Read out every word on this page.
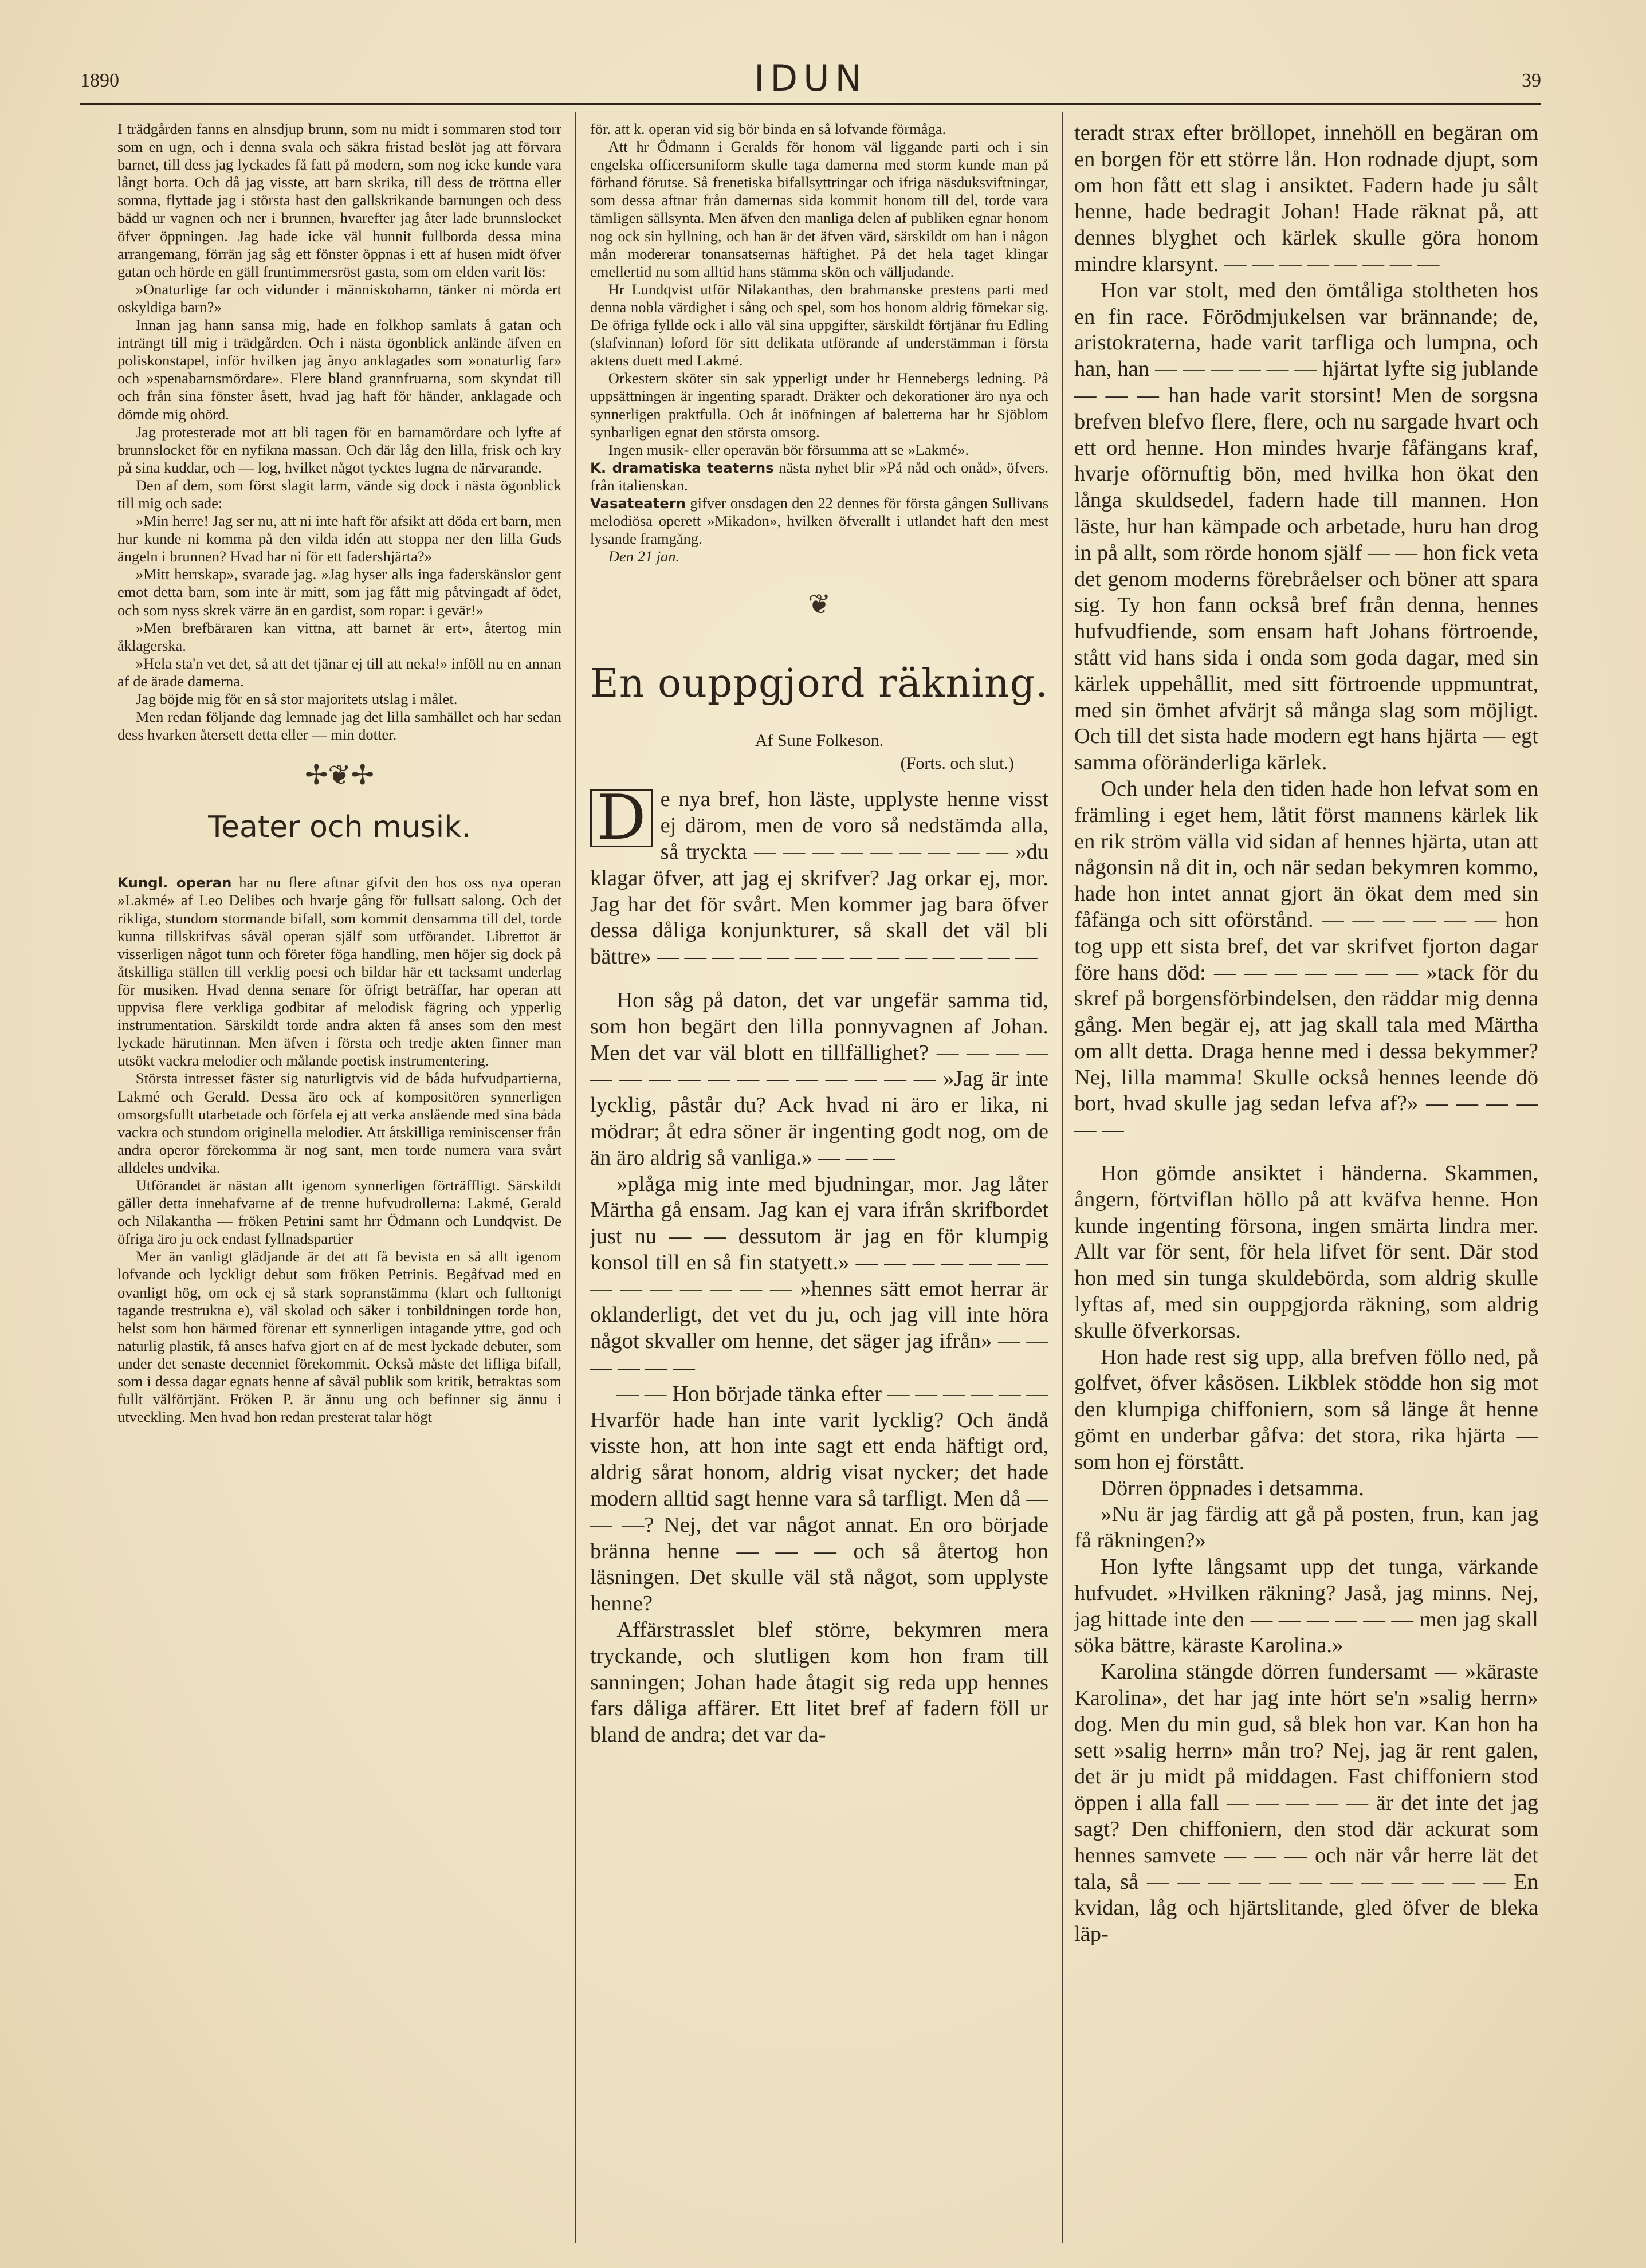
1890	IDUN	39

I trädgården fanns en alnsdjup brunn, som nu midt i sommaren stod torr som en ugn, och i denna svala och säkra fristad beslöt jag att förvara barnet, till dess jag lyckades få fatt på modern, som nog icke kunde vara långt borta. Och då jag visste, att barn skrika, till dess de tröttna eller somna, flyttade jag i största hast den gallskrikande barnungen och dess bädd ur vagnen och ner i brunnen, hvarefter jag åter lade brunnslocket öfver öppningen. Jag hade icke väl hunnit fullborda dessa mina arrangemang, förrän jag såg ett fönster öppnas i ett af husen midt öfver gatan och hörde en gäll fruntimmersröst gasta, som om elden varit lös:

»Onaturlige far och vidunder i människohamn, tänker ni mörda ert oskyldiga barn?»

Innan jag hann sansa mig, hade en folkhop samlats å gatan och inträngt till mig i trädgården. Och i nästa ögonblick anlände äfven en poliskonstapel, inför hvilken jag ånyo anklagades som »onaturlig far» och »spenabarnsmördare». Flere bland grannfruarna, som skyndat till och från sina fönster åsett, hvad jag haft för händer, anklagade och dömde mig ohörd.

Jag protesterade mot att bli tagen för en barnamördare och lyfte af brunnslocket för en nyfikna massan. Och där låg den lilla, frisk och kry på sina kuddar, och — log, hvilket något tycktes lugna de närvarande.

Den af dem, som först slagit larm, vände sig dock i nästa ögonblick till mig och sade:

»Min herre! Jag ser nu, att ni inte haft för afsikt att döda ert barn, men hur kunde ni komma på den vilda idén att stoppa ner den lilla Guds ängeln i brunnen? Hvad har ni för ett fadershjärta?»

»Mitt herrskap», svarade jag. »Jag hyser alls inga faderskänslor gent emot detta barn, som inte är mitt, som jag fått mig påtvingadt af ödet, och som nyss skrek värre än en gardist, som ropar: i gevär!»

»Men brefbäraren kan vittna, att barnet är ert», återtog min åklagerska.

»Hela sta'n vet det, så att det tjänar ej till att neka!» inföll nu en annan af de ärade damerna.

Jag böjde mig för en så stor majoritets utslag i målet.

Men redan följande dag lemnade jag det lilla samhället och har sedan dess hvarken återsett detta eller — min dotter.

✢❦✢
Teater och musik.

Kungl. operan har nu flere aftnar gifvit den hos oss nya operan »Lakmé» af Leo Delibes och hvarje gång för fullsatt salong. Och det rikliga, stundom stormande bifall, som kommit densamma till del, torde kunna tillskrifvas såväl operan själf som utförandet. Librettot är visserligen något tunn och företer föga handling, men höjer sig dock på åtskilliga ställen till verklig poesi och bildar här ett tacksamt underlag för musiken. Hvad denna senare för öfrigt beträffar, har operan att uppvisa flere verkliga godbitar af melodisk fägring och ypperlig instrumentation. Särskildt torde andra akten få anses som den mest lyckade härutinnan. Men äfven i första och tredje akten finner man utsökt vackra melodier och målande poetisk instrumentering.

Största intresset fäster sig naturligtvis vid de båda hufvudpartierna, Lakmé och Gerald. Dessa äro ock af kompositören synnerligen omsorgsfullt utarbetade och förfela ej att verka anslående med sina båda vackra och stundom originella melodier. Att åtskilliga reminiscenser från andra operor förekomma är nog sant, men torde numera vara svårt alldeles undvika.

Utförandet är nästan allt igenom synnerligen förträffligt. Särskildt gäller detta innehafvarne af de trenne hufvudrollerna: Lakmé, Gerald och Nilakantha — fröken Petrini samt hrr Ödmann och Lundqvist. De öfriga äro ju ock endast fyllnadspartier

Mer än vanligt glädjande är det att få bevista en så allt igenom lofvande och lyckligt debut som fröken Petrinis. Begåfvad med en ovanligt hög, om ock ej så stark sopranstämma (klart och fulltonigt tagande trestrukna e), väl skolad och säker i tonbildningen torde hon, helst som hon härmed förenar ett synnerligen intagande yttre, god och naturlig plastik, få anses hafva gjort en af de mest lyckade debuter, som under det senaste decenniet förekommit. Också måste det lifliga bifall, som i dessa dagar egnats henne af såväl publik som kritik, betraktas som fullt välförtjänt. Fröken P. är ännu ung och befinner sig ännu i utveckling. Men hvad hon redan presterat talar högt

för. att k. operan vid sig bör binda en så lofvande förmåga.

Att hr Ödmann i Geralds för honom väl liggande parti och i sin engelska officersuniform skulle taga damerna med storm kunde man på förhand förutse. Så frenetiska bifallsyttringar och ifriga näsduksviftningar, som dessa aftnar från damernas sida kommit honom till del, torde vara tämligen sällsynta. Men äfven den manliga delen af publiken egnar honom nog ock sin hyllning, och han är det äfven värd, särskildt om han i någon mån modererar tonansatsernas häftighet. På det hela taget klingar emellertid nu som alltid hans stämma skön och välljudande.

Hr Lundqvist utför Nilakanthas, den brahmanske prestens parti med denna nobla värdighet i sång och spel, som hos honom aldrig förnekar sig. De öfriga fyllde ock i allo väl sina uppgifter, särskildt förtjänar fru Edling (slafvinnan) loford för sitt delikata utförande af understämman i första aktens duett med Lakmé.

Orkestern sköter sin sak ypperligt under hr Hennebergs ledning. På uppsättningen är ingenting sparadt. Dräkter och dekorationer äro nya och synnerligen praktfulla. Och åt inöfningen af baletterna har hr Sjöblom synbarligen egnat den största omsorg.

Ingen musik- eller operavän bör försumma att se »Lakmé».

K. dramatiska teaterns nästa nyhet blir »På nåd och onåd», öfvers. från italienskan.

Vasateatern gifver onsdagen den 22 dennes för första gången Sullivans melodiösa operett »Mikadon», hvilken öfverallt i utlandet haft den mest lysande framgång.

Den 21 jan.

❦
En ouppgjord räkning.
Af Sune Folkeson.
(Forts. och slut.)

D e nya bref, hon läste, upplyste henne visst ej därom, men de voro så nedstämda alla, så tryckta — — — — — — — — — »du klagar öfver, att jag ej skrifver? Jag orkar ej, mor. Jag har det för svårt. Men kommer jag bara öfver dessa dåliga konjunkturer, så skall det väl bli bättre» — — — — — — — — — — — — — —

Hon såg på daton, det var ungefär samma tid, som hon begärt den lilla ponnyvagnen af Johan. Men det var väl blott en tillfällighet? — — — — — — — — — — — — — — — — »Jag är inte lycklig, påstår du? Ack hvad ni äro er lika, ni mödrar; åt edra söner är ingenting godt nog, om de än äro aldrig så vanliga.» — — —

»plåga mig inte med bjudningar, mor. Jag låter Märtha gå ensam. Jag kan ej vara ifrån skrifbordet just nu — — dessutom är jag en för klumpig konsol till en så fin statyett.» — — — — — — — — — — — — — — »hennes sätt emot herrar är oklanderligt, det vet du ju, och jag vill inte höra något skvaller om henne, det säger jag ifrån» — — — — — —

— — Hon började tänka efter — — — — — — Hvarför hade han inte varit lycklig? Och ändå visste hon, att hon inte sagt ett enda häftigt ord, aldrig sårat honom, aldrig visat nycker; det hade modern alltid sagt henne vara så tarfligt. Men då — — —? Nej, det var något annat. En oro började bränna henne — — — och så återtog hon läsningen. Det skulle väl stå något, som upplyste henne?

Affärstrasslet blef större, bekymren mera tryckande, och slutligen kom hon fram till sanningen; Johan hade åtagit sig reda upp hennes fars dåliga affärer. Ett litet bref af fadern föll ur bland de andra; det var da-

teradt strax efter bröllopet, innehöll en begäran om en borgen för ett större lån. Hon rodnade djupt, som om hon fått ett slag i ansiktet. Fadern hade ju sålt henne, hade bedragit Johan! Hade räknat på, att dennes blyghet och kärlek skulle göra honom mindre klarsynt. — — — — — — — —

Hon var stolt, med den ömtåliga stoltheten hos en fin race. Förödmjukelsen var brännande; de, aristokraterna, hade varit tarfliga och lumpna, och han, han — — — — — — hjärtat lyfte sig jublande — — — han hade varit storsint! Men de sorgsna brefven blefvo flere, flere, och nu sargade hvart och ett ord henne. Hon mindes hvarje fåfängans kraf, hvarje oförnuftig bön, med hvilka hon ökat den långa skuldsedel, fadern hade till mannen. Hon läste, hur han kämpade och arbetade, huru han drog in på allt, som rörde honom själf — — hon fick veta det genom moderns förebråelser och böner att spara sig. Ty hon fann också bref från denna, hennes hufvudfiende, som ensam haft Johans förtroende, stått vid hans sida i onda som goda dagar, med sin kärlek uppehållit, med sitt förtroende uppmuntrat, med sin ömhet afvärjt så många slag som möjligt. Och till det sista hade modern egt hans hjärta — egt samma oföränderliga kärlek.

Och under hela den tiden hade hon lefvat som en främling i eget hem, låtit först mannens kärlek lik en rik ström välla vid sidan af hennes hjärta, utan att någonsin nå dit in, och när sedan bekymren kommo, hade hon intet annat gjort än ökat dem med sin fåfänga och sitt oförstånd. — — — — — — hon tog upp ett sista bref, det var skrifvet fjorton dagar före hans död: — — — — — — — »tack för du skref på borgensförbindelsen, den räddar mig denna gång. Men begär ej, att jag skall tala med Märtha om allt detta. Draga henne med i dessa bekymmer? Nej, lilla mamma! Skulle också hennes leende dö bort, hvad skulle jag sedan lefva af?» — — — — — —

Hon gömde ansiktet i händerna. Skammen, ångern, förtviflan höllo på att kväfva henne. Hon kunde ingenting försona, ingen smärta lindra mer. Allt var för sent, för hela lifvet för sent. Där stod hon med sin tunga skuldebörda, som aldrig skulle lyftas af, med sin ouppgjorda räkning, som aldrig skulle öfverkorsas.

Hon hade rest sig upp, alla brefven föllo ned, på golfvet, öfver kåsösen. Likblek stödde hon sig mot den klumpiga chiffoniern, som så länge åt henne gömt en underbar gåfva: det stora, rika hjärta — som hon ej förstått.

Dörren öppnades i detsamma.

»Nu är jag färdig att gå på posten, frun, kan jag få räkningen?»

Hon lyfte långsamt upp det tunga, värkande hufvudet. »Hvilken räkning? Jaså, jag minns. Nej, jag hittade inte den — — — — — — men jag skall söka bättre, käraste Karolina.»

Karolina stängde dörren fundersamt — »käraste Karolina», det har jag inte hört se'n »salig herrn» dog. Men du min gud, så blek hon var. Kan hon ha sett »salig herrn» mån tro? Nej, jag är rent galen, det är ju midt på middagen. Fast chiffoniern stod öppen i alla fall — — — — — är det inte det jag sagt? Den chiffoniern, den stod där ackurat som hennes samvete — — — och när vår herre lät det tala, så — — — — — — — — — — — — En kvidan, låg och hjärtslitande, gled öfver de bleka läp-
